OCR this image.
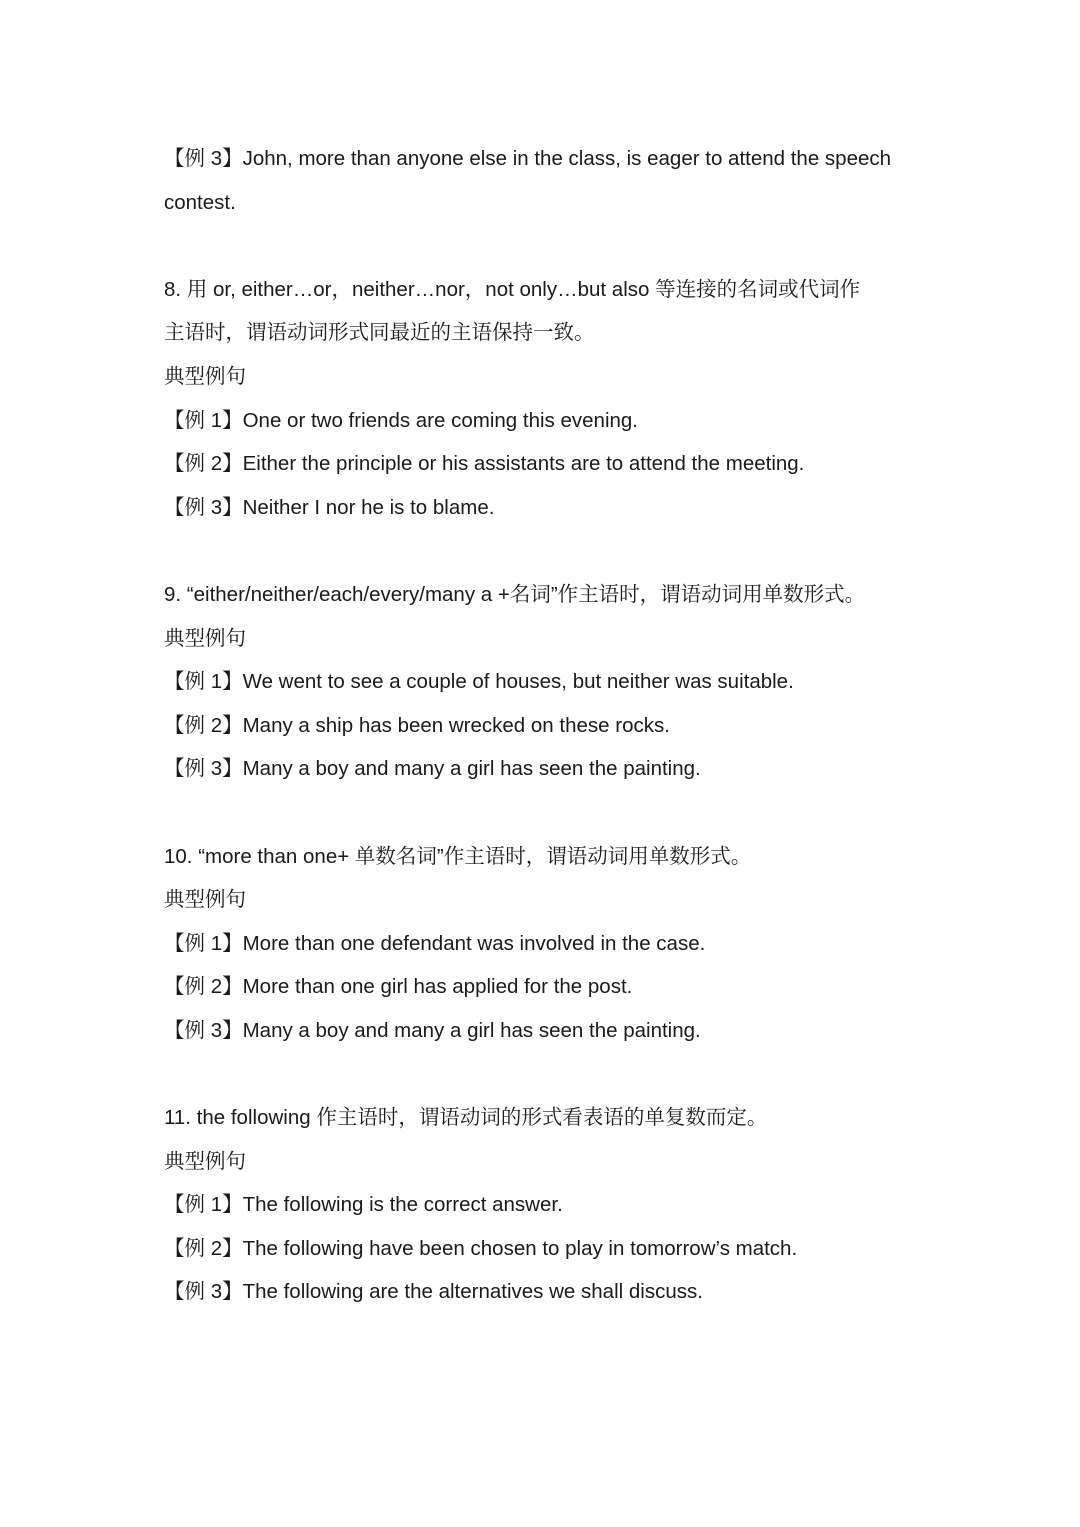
【例 3】John, more than anyone else in the class, is eager to attend the speech
contest.
8. 用 or, either…or，neither…nor，not only…but also 等连接的名词或代词作
主语时，谓语动词形式同最近的主语保持一致。
典型例句
【例 1】One or two friends are coming this evening.
【例 2】Either the principle or his assistants are to attend the meeting.
【例 3】Neither I nor he is to blame.
9. “either/neither/each/every/many a +名词”作主语时，谓语动词用单数形式。
典型例句
【例 1】We went to see a couple of houses, but neither was suitable.
【例 2】Many a ship has been wrecked on these rocks.
【例 3】Many a boy and many a girl has seen the painting.
10. “more than one+ 单数名词”作主语时，谓语动词用单数形式。
典型例句
【例 1】More than one defendant was involved in the case.
【例 2】More than one girl has applied for the post.
【例 3】Many a boy and many a girl has seen the painting.
11. the following 作主语时，谓语动词的形式看表语的单复数而定。
典型例句
【例 1】The following is the correct answer.
【例 2】The following have been chosen to play in tomorrow’s match.
【例 3】The following are the alternatives we shall discuss.
